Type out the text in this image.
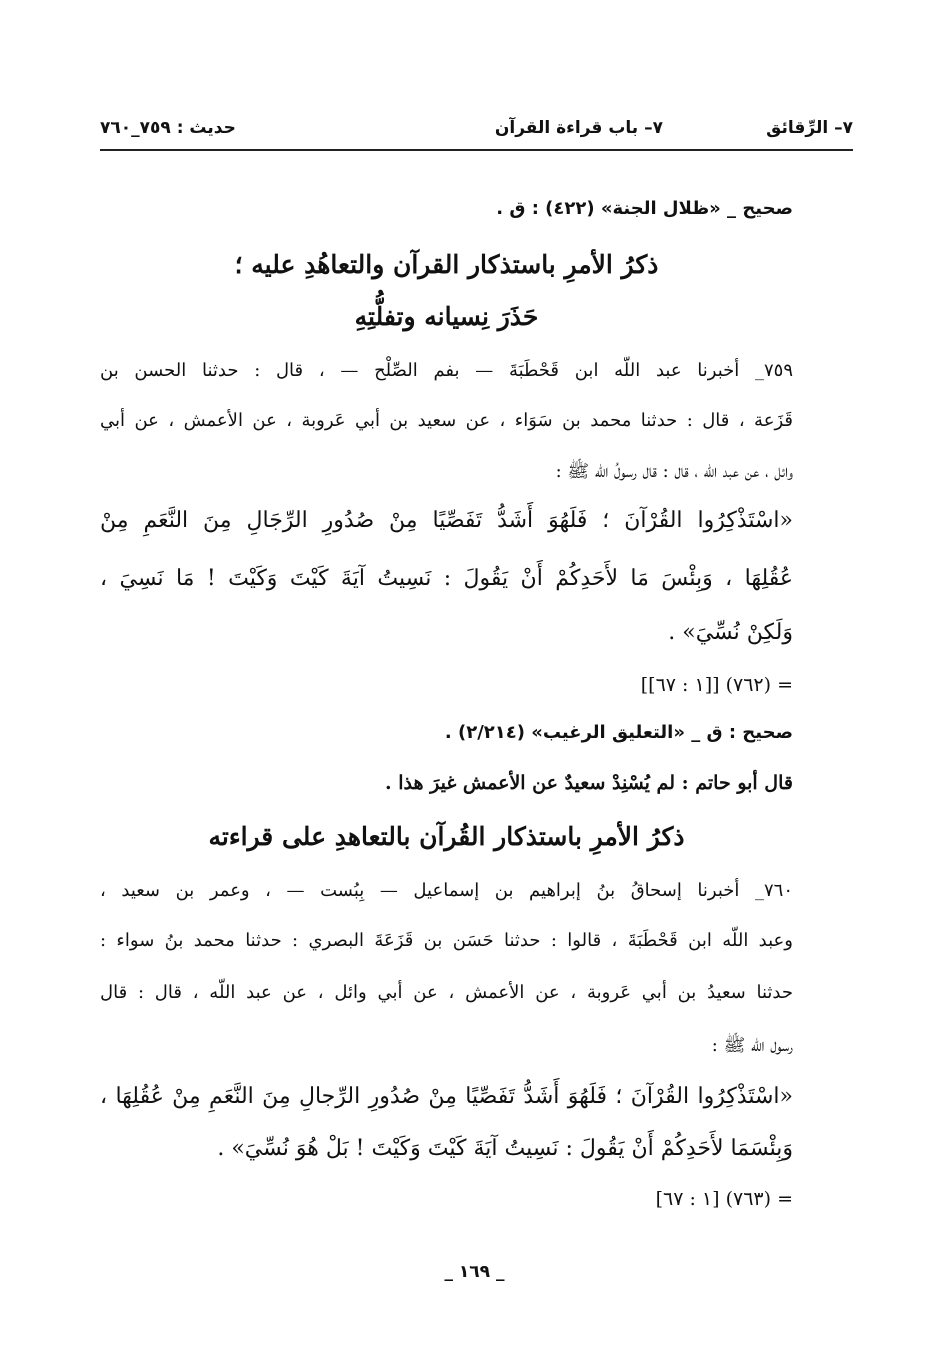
٧– الرِّقائق
٧– باب قراءة القرآن
حديث : ٧٥٩_٧٦٠
صحيح _ «ظلال الجنة» (٤٢٢) : ق .
ذكرُ الأمرِ باستذكار القرآن والتعاهُدِ عليه ؛
حَذَرَ نِسيانه وتفلُّتِهِ
٧٥٩_ أخبرنا عبد اللّه ابن قَحْطَبَةَ — بفم الصِّلْح — ، قال : حدثنا الحسن بن
قَزَعة ، قال : حدثنا محمد بن سَوَاء ، عن سعيد بن أبي عَروبة ، عن الأعمش ، عن أبي
وائل ، عن عبد اللّه ، قال : قال رسولُ اللّه ﷺ :
«اسْتَذْكِرُوا القُرْآنَ ؛ فَلَهُوَ أَشَدُّ تَفَصِّيًا مِنْ صُدُورِ الرِّجَالِ مِنَ النَّعَمِ مِنْ
عُقُلِهَا ، وَبِئْسَ مَا لأَحَدِكُمْ أَنْ يَقُولَ : نَسِيتُ آيَةَ كَيْتَ وَكَيْتَ ! مَا نَسِيَ ،
وَلَكِنْ نُسِّيَ» .
= (٧٦٢) [[١ : ٦٧]]
صحيح : ق _ «التعليق الرغيب» (٢/٢١٤) .
قال أبو حاتم : لم يُسْنِدْ سعيدٌ عن الأعمش غيرَ هذا .
ذكرُ الأمرِ باستذكار القُرآن بالتعاهدِ على قراءته
٧٦٠_ أخبرنا إسحاقُ بنُ إبراهيم بن إسماعيل — بِبُست — ، وعمر بن سعيد ،
وعبد اللّه ابن قَحْطَبَةَ ، قالوا : حدثنا حَسَن بن قَزَعَةَ البصري : حدثنا محمد بنُ سواء :
حدثنا سعيدُ بن أبي عَروبة ، عن الأعمش ، عن أبي وائل ، عن عبد اللّه ، قال : قال
رسول اللّه ﷺ :
«اسْتَذْكِرُوا القُرْآنَ ؛ فَلَهُوَ أَشَدُّ تَفَصِّيًا مِنْ صُدُورِ الرِّجالِ مِنَ النَّعَمِ مِنْ عُقُلِهَا ،
وَبِئْسَمَا لأَحَدِكُمْ أَنْ يَقُولَ : نَسِيتُ آيَةَ كَيْتَ وَكَيْتَ ! بَلْ هُوَ نُسِّيَ» .
= (٧٦٣) [١ : ٦٧]
_ ١٦٩ _
